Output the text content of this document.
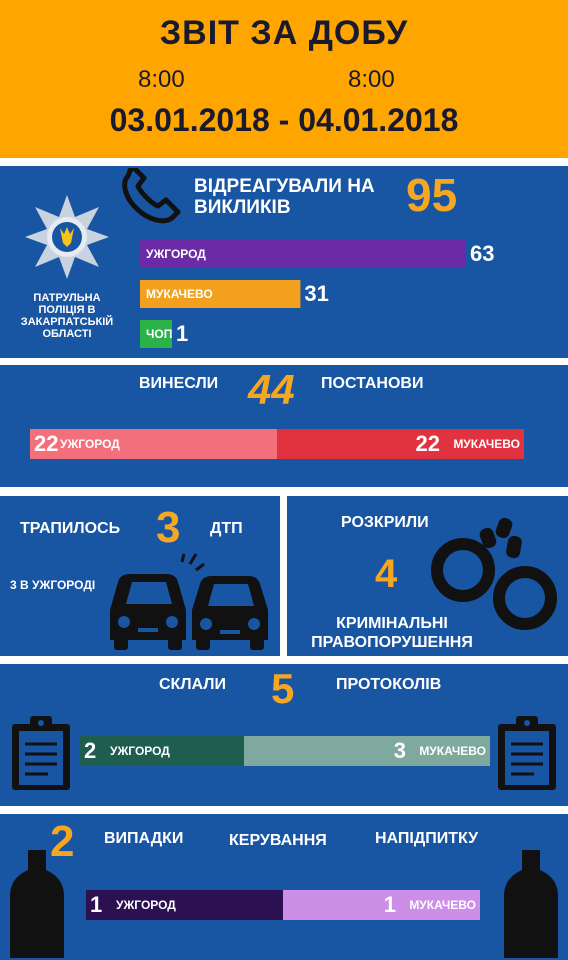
ЗВІТ ЗА ДОБУ
8:00	8:00
03.01.2018 - 04.01.2018
ПАТРУЛЬНА ПОЛІЦІЯ В ЗАКАРПАТСЬКІЙ ОБЛАСТІ
ВІДРЕАГУВАЛИ НА ВИКЛИКІВ	95
УЖГОРОД	63
МУКАЧЕВО	31
ЧОП 1
ВИНЕСЛИ 44 ПОСТАНОВИ
22 УЖГОРОД	МУКАЧЕВО
22
ТРАПИЛОСЬ 3 ДТП
3 В УЖГОРОДІ
РОЗКРИЛИ
4
КРИМІНАЛЬНІ ПРАВОПОРУШЕННЯ
СКЛАЛИ 5	ПРОТОКОЛІВ
2 УЖГОРОД	МУКАЧЕВО
3
2 ВИПАДКИ	КЕРУВАННЯ	НАПІДПИТКУ
1 УЖГОРОД	МУКАЧЕВО
1
